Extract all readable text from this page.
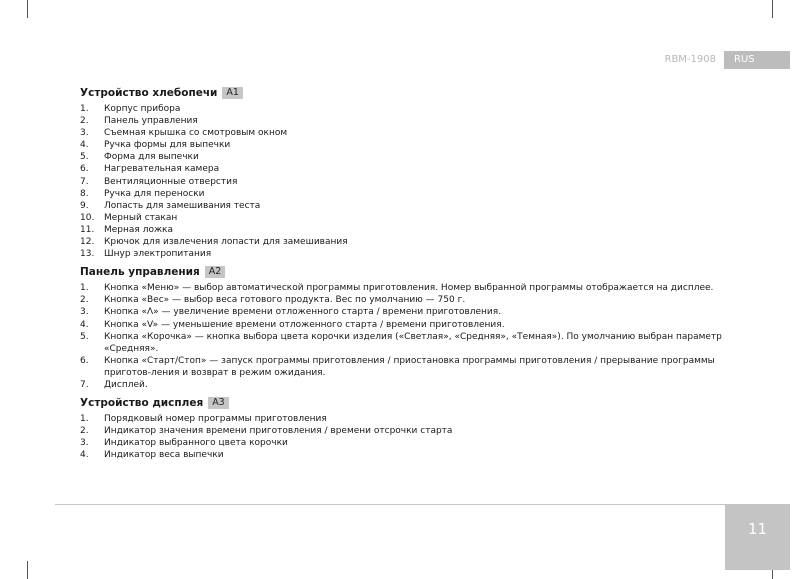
RBM-1908	RUS
Устройство хлебопечи A1
1.	Корпус прибора
2.	Панель управления
3.	Съемная крышка со смотровым окном
4.	Ручка формы для выпечки
5.	Форма для выпечки
6.	Нагревательная камера
7.	Вентиляционные отверстия
8.	Ручка для переноски
9.	Лопасть для замешивания теста
10.	Мерный стакан
11.	Мерная ложка
12.	Крючок для извлечения лопасти для замешивания
13.	Шнур электропитания
Панель управления A2
1.	Кнопка «Меню» — выбор автоматической программы приготовления. Номер выбранной программы отображается на дисплее.
2.	Кнопка «Вес» — выбор веса готового продукта. Вес по умолчанию — 750 г.
3.	Кнопка «Λ» — увеличение времени отложенного старта / времени приготовления.
4.	Кнопка «V» — уменьшение времени отложенного старта / времени приготовления.
5.	Кнопка «Корочка» — кнопка выбора цвета корочки изделия («Светлая», «Средняя», «Темная»). По умолчанию выбран параметр «Средняя».
6.	Кнопка «Старт/Стоп» — запуск программы приготовления / приостановка программы приготовления / прерывание программы приготов-ления и возврат в режим ожидания.
7.	Дисплей.
Устройство дисплея A3
1.	Порядковый номер программы приготовления
2.	Индикатор значения времени приготовления / времени отсрочки старта
3.	Индикатор выбранного цвета корочки
4.	Индикатор веса выпечки
11
